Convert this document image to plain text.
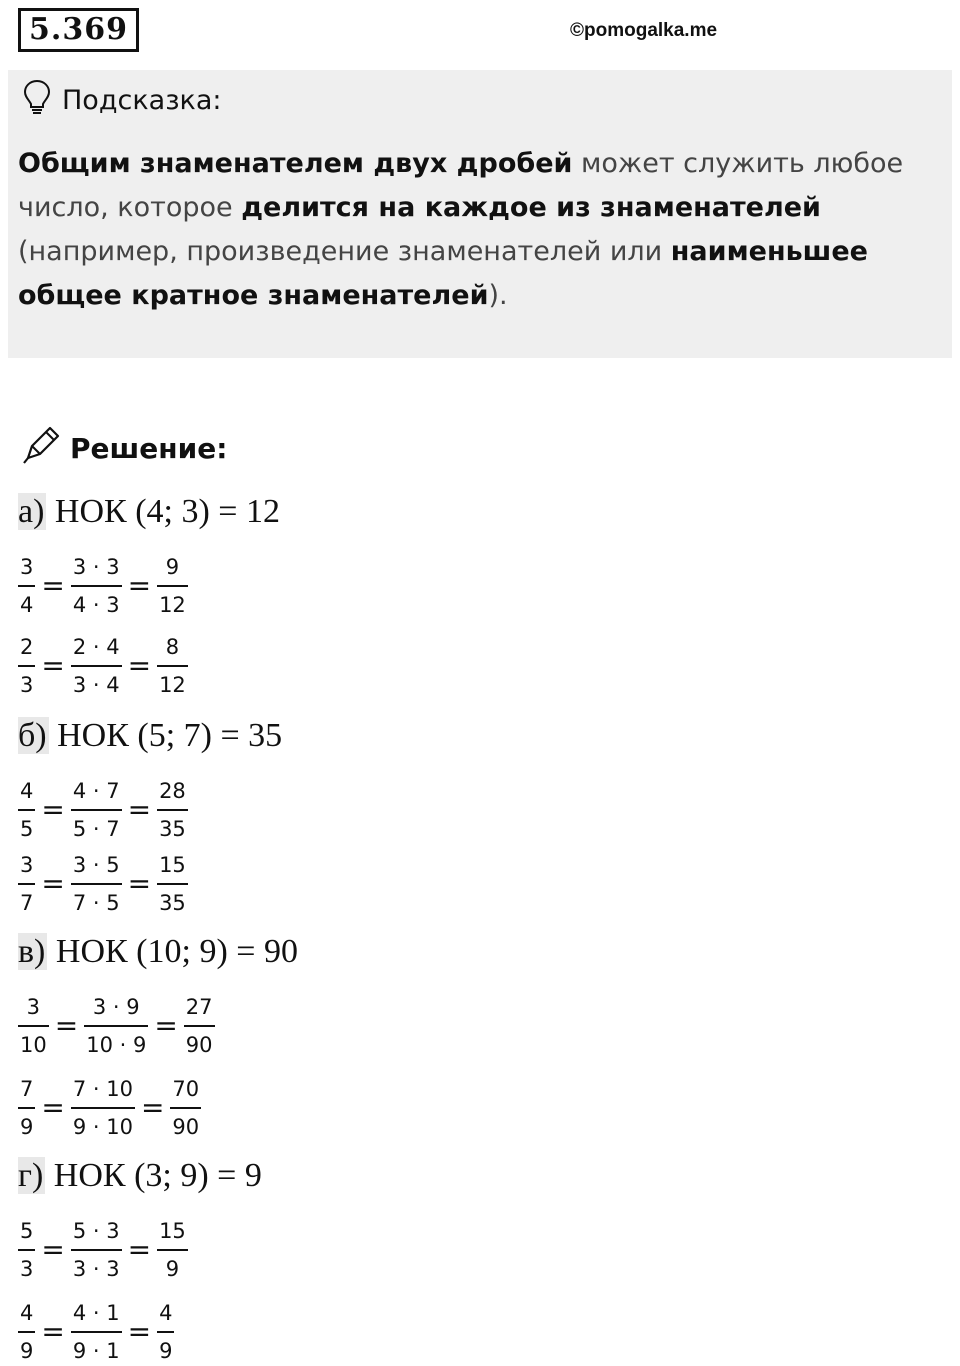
5.369	©pomogalka.me
Подсказка:
Общим знаменателем двух дробей может служить любое число, которое делится на каждое из знаменателей (например, произведение знаменателей или наименьшее общее кратное знаменателей).
Решение:
а) НОК (4; 3) = 12
$\frac{3}{4} = \frac{3 \cdot 3}{4 \cdot 3} = \frac{9}{12}$
$\frac{2}{3} = \frac{2 \cdot 4}{3 \cdot 4} = \frac{8}{12}$
б) НОК (5; 7) = 35
$\frac{4}{5} = \frac{4 \cdot 7}{5 \cdot 7} = \frac{28}{35}$
$\frac{3}{7} = \frac{3 \cdot 5}{7 \cdot 5} = \frac{15}{35}$
в) НОК (10; 9) = 90
$\frac{3}{10} = \frac{3 \cdot 9}{10 \cdot 9} = \frac{27}{90}$
$\frac{7}{9} = \frac{7 \cdot 10}{9 \cdot 10} = \frac{70}{90}$
г) НОК (3; 9) = 9
$\frac{5}{3} = \frac{5 \cdot 3}{3 \cdot 3} = \frac{15}{9}$
$\frac{4}{9} = \frac{4 \cdot 1}{9 \cdot 1} = \frac{4}{9}$
